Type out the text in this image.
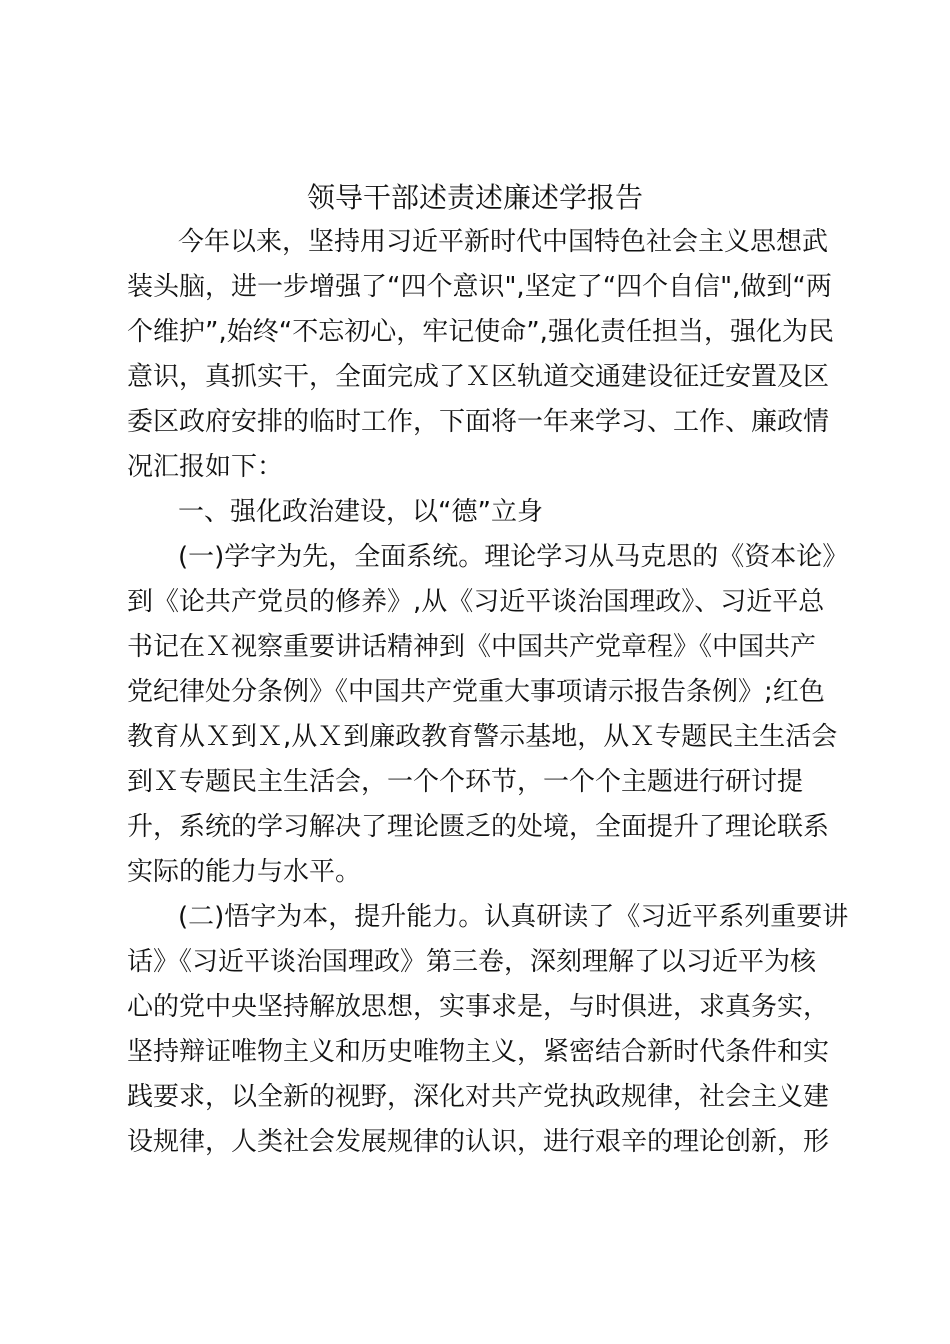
领导干部述责述廉述学报告

今年以来，坚持用习近平新时代中国特色社会主义思想武

装头脑，进一步增强了“四个意识",坚定了“四个自信",做到“两

个维护”,始终“不忘初心，牢记使命”,强化责任担当，强化为民

意识，真抓实干，全面完成了Ｘ区轨道交通建设征迁安置及区

委区政府安排的临时工作，下面将一年来学习、工作、廉政情

况汇报如下：

一、强化政治建设，以“德”立身

(一)学字为先，全面系统。理论学习从马克思的《资本论》

到《论共产党员的修养》,从《习近平谈治国理政》、习近平总

书记在Ｘ视察重要讲话精神到《中国共产党章程》《中国共产

党纪律处分条例》《中国共产党重大事项请示报告条例》;红色

教育从Ｘ到Ｘ,从Ｘ到廉政教育警示基地，从Ｘ专题民主生活会

到Ｘ专题民主生活会，一个个环节，一个个主题进行研讨提

升，系统的学习解决了理论匮乏的处境，全面提升了理论联系

实际的能力与水平。

(二)悟字为本，提升能力。认真研读了《习近平系列重要讲

话》《习近平谈治国理政》第三卷，深刻理解了以习近平为核

心的党中央坚持解放思想，实事求是，与时俱进，求真务实，

坚持辩证唯物主义和历史唯物主义，紧密结合新时代条件和实

践要求，以全新的视野，深化对共产党执政规律，社会主义建

设规律，人类社会发展规律的认识，进行艰辛的理论创新，形
